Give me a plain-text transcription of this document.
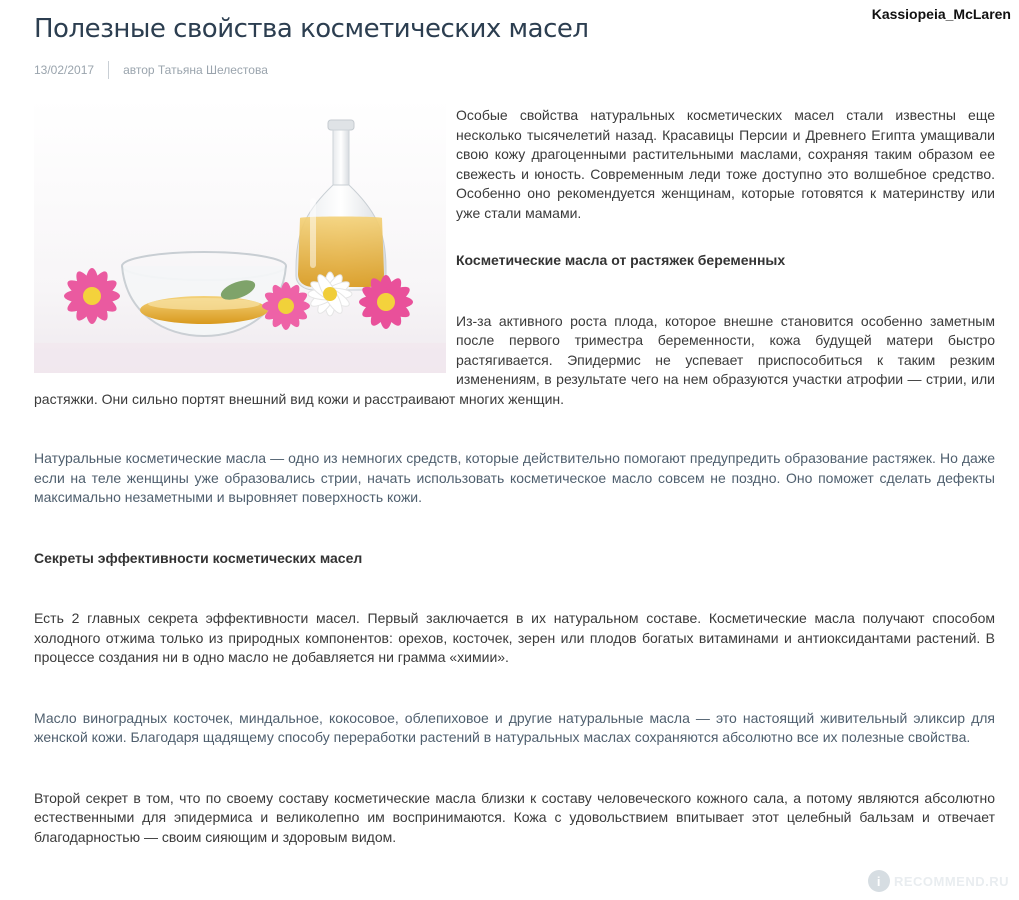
Kassiopeia_McLaren
Полезные свойства косметических масел
13/02/2017 автор Татьяна Шелестова

Особые свойства натуральных косметических масел стали известны еще несколько тысячелетий назад. Красавицы Персии и Древнего Египта умащивали свою кожу драгоценными растительными маслами, сохраняя таким образом ее свежесть и юность. Современным леди тоже доступно это волшебное средство. Особенно оно рекомендуется женщинам, которые готовятся к материнству или уже стали мамами.

Косметические масла от растяжек беременных

Из-за активного роста плода, которое внешне становится особенно заметным после первого триместра беременности, кожа будущей матери быстро растягивается. Эпидермис не успевает приспособиться к таким резким изменениям, в результате чего на нем образуются участки атрофии — стрии, или растяжки. Они сильно портят внешний вид кожи и расстраивают многих женщин.

Натуральные косметические масла — одно из немногих средств, которые действительно помогают предупредить образование растяжек. Но даже если на теле женщины уже образовались стрии, начать использовать косметическое масло совсем не поздно. Оно поможет сделать дефекты максимально незаметными и выровняет поверхность кожи.

Секреты эффективности косметических масел

Есть 2 главных секрета эффективности масел. Первый заключается в их натуральном составе. Косметические масла получают способом холодного отжима только из природных компонентов: орехов, косточек, зерен или плодов богатых витаминами и антиоксидантами растений. В процессе создания ни в одно масло не добавляется ни грамма «химии».

Масло виноградных косточек, миндальное, кокосовое, облепиховое и другие натуральные масла — это настоящий живительный эликсир для женской кожи. Благодаря щадящему способу переработки растений в натуральных маслах сохраняются абсолютно все их полезные свойства.

Второй секрет в том, что по своему составу косметические масла близки к составу человеческого кожного сала, а потому являются абсолютно естественными для эпидермиса и великолепно им воспринимаются. Кожа с удовольствием впитывает этот целебный бальзам и отвечает благодарностью — своим сияющим и здоровым видом.

i RECOMMEND.RU
